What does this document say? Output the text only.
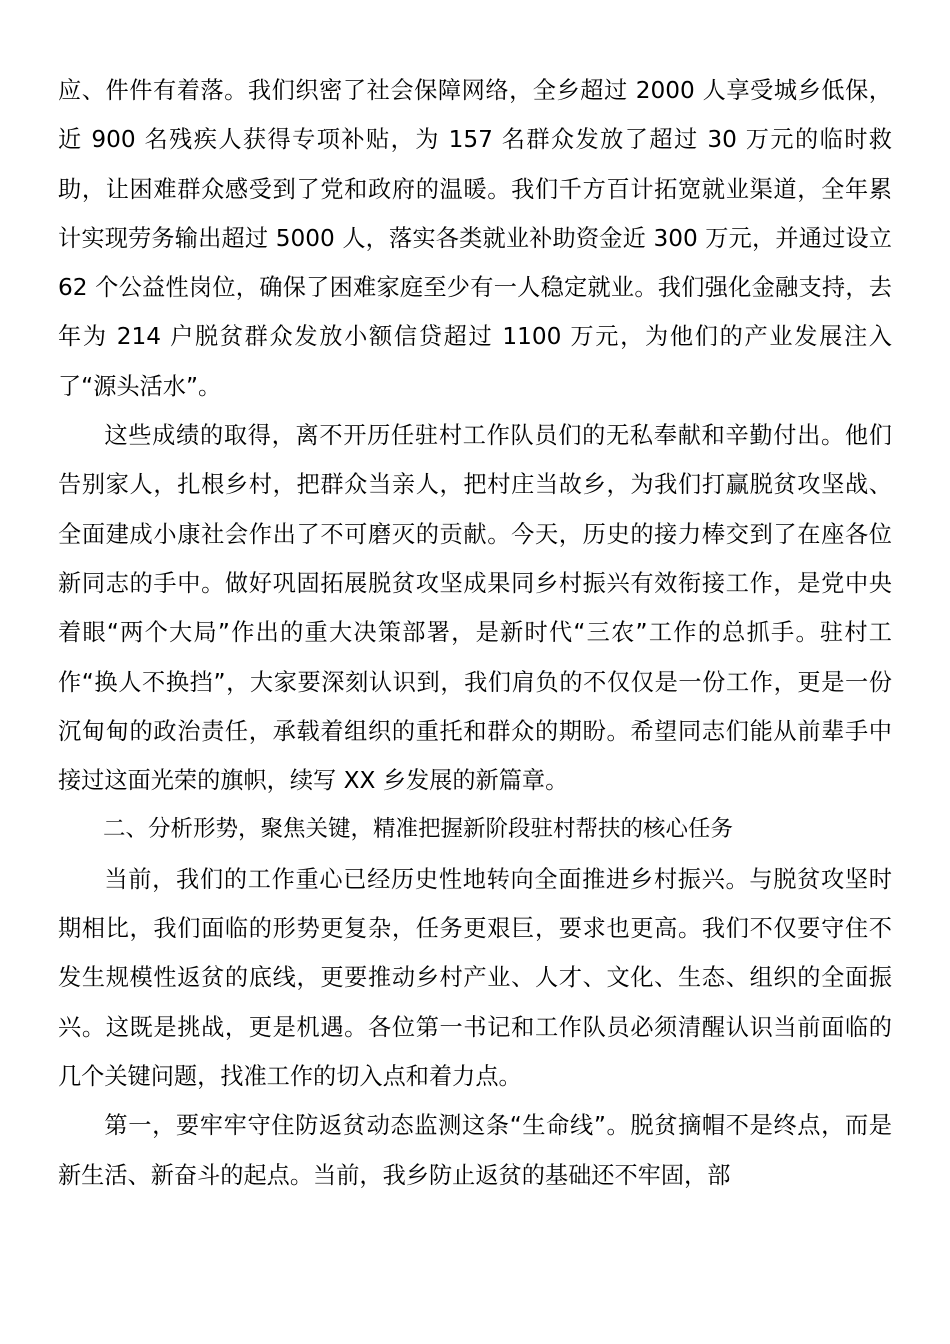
应、件件有着落。我们织密了社会保障网络，全乡超过 2000 人享受城乡低保，近 900 名残疾人获得专项补贴，为 157 名群众发放了超过 30 万元的临时救助，让困难群众感受到了党和政府的温暖。我们千方百计拓宽就业渠道，全年累计实现劳务输出超过 5000 人，落实各类就业补助资金近 300 万元，并通过设立 62 个公益性岗位，确保了困难家庭至少有一人稳定就业。我们强化金融支持，去年为 214 户脱贫群众发放小额信贷超过 1100 万元，为他们的产业发展注入了“源头活水”。

这些成绩的取得，离不开历任驻村工作队员们的无私奉献和辛勤付出。他们告别家人，扎根乡村，把群众当亲人，把村庄当故乡，为我们打赢脱贫攻坚战、全面建成小康社会作出了不可磨灭的贡献。今天，历史的接力棒交到了在座各位新同志的手中。做好巩固拓展脱贫攻坚成果同乡村振兴有效衔接工作，是党中央着眼“两个大局”作出的重大决策部署，是新时代“三农”工作的总抓手。驻村工作“换人不换挡”，大家要深刻认识到，我们肩负的不仅仅是一份工作，更是一份沉甸甸的政治责任，承载着组织的重托和群众的期盼。希望同志们能从前辈手中接过这面光荣的旗帜，续写 XX 乡发展的新篇章。

二、分析形势，聚焦关键，精准把握新阶段驻村帮扶的核心任务

当前，我们的工作重心已经历史性地转向全面推进乡村振兴。与脱贫攻坚时期相比，我们面临的形势更复杂，任务更艰巨，要求也更高。我们不仅要守住不发生规模性返贫的底线，更要推动乡村产业、人才、文化、生态、组织的全面振兴。这既是挑战，更是机遇。各位第一书记和工作队员必须清醒认识当前面临的几个关键问题，找准工作的切入点和着力点。

第一，要牢牢守住防返贫动态监测这条“生命线”。脱贫摘帽不是终点，而是新生活、新奋斗的起点。当前，我乡防止返贫的基础还不牢固，部
